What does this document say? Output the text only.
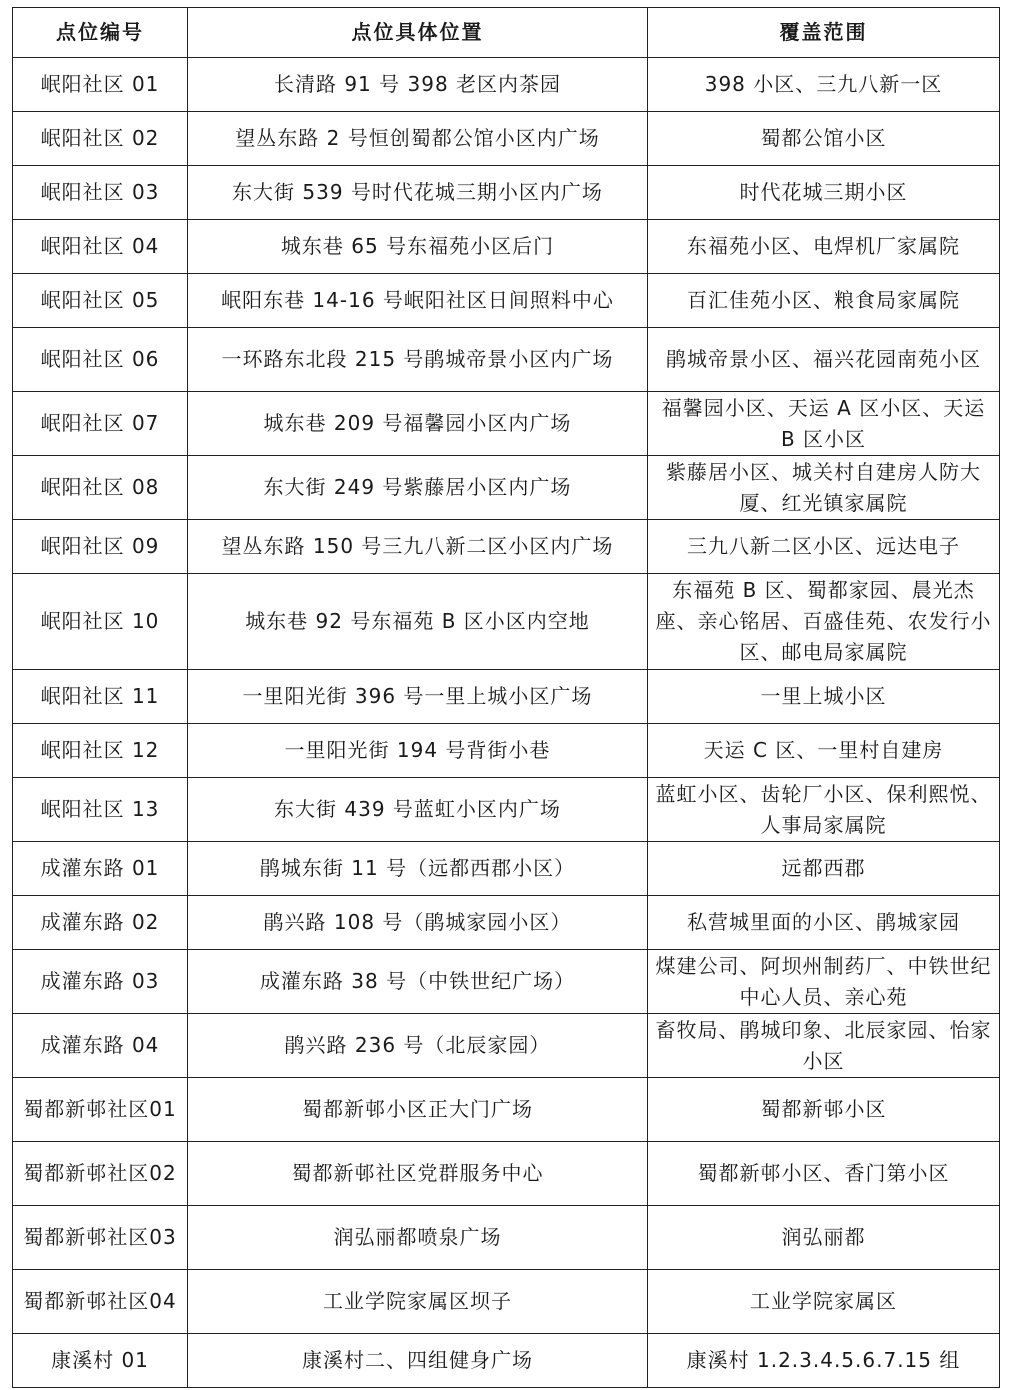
点位编号	点位具体位置	覆盖范围
岷阳社区 01	长清路 91 号 398 老区内茶园	398 小区、三九八新一区
岷阳社区 02	望丛东路 2 号恒创蜀都公馆小区内广场	蜀都公馆小区
岷阳社区 03	东大街 539 号时代花城三期小区内广场	时代花城三期小区
岷阳社区 04	城东巷 65 号东福苑小区后门	东福苑小区、电焊机厂家属院
岷阳社区 05	岷阳东巷 14-16 号岷阳社区日间照料中心	百汇佳苑小区、粮食局家属院
岷阳社区 06	一环路东北段 215 号鹃城帝景小区内广场	鹃城帝景小区、福兴花园南苑小区
岷阳社区 07	城东巷 209 号福馨园小区内广场	福馨园小区、天运 A 区小区、天运 B 区小区
岷阳社区 08	东大街 249 号紫藤居小区内广场	紫藤居小区、城关村自建房人防大厦、红光镇家属院
岷阳社区 09	望丛东路 150 号三九八新二区小区内广场	三九八新二区小区、远达电子
岷阳社区 10	城东巷 92 号东福苑 B 区小区内空地	东福苑 B 区、蜀都家园、晨光杰座、亲心铭居、百盛佳苑、农发行小区、邮电局家属院
岷阳社区 11	一里阳光街 396 号一里上城小区广场	一里上城小区
岷阳社区 12	一里阳光街 194 号背街小巷	天运 C 区、一里村自建房
岷阳社区 13	东大街 439 号蓝虹小区内广场	蓝虹小区、齿轮厂小区、保利熙悦、人事局家属院
成灌东路 01	鹃城东街 11 号（远都西郡小区）	远都西郡
成灌东路 02	鹃兴路 108 号（鹃城家园小区）	私营城里面的小区、鹃城家园
成灌东路 03	成灌东路 38 号（中铁世纪广场）	煤建公司、阿坝州制药厂、中铁世纪中心人员、亲心苑
成灌东路 04	鹃兴路 236 号（北辰家园）	畜牧局、鹃城印象、北辰家园、怡家小区
蜀都新邨社区01	蜀都新邨小区正大门广场	蜀都新邨小区
蜀都新邨社区02	蜀都新邨社区党群服务中心	蜀都新邨小区、香门第小区
蜀都新邨社区03	润弘丽都喷泉广场	润弘丽都
蜀都新邨社区04	工业学院家属区坝子	工业学院家属区
康溪村 01	康溪村二、四组健身广场	康溪村 1.2.3.4.5.6.7.15 组
